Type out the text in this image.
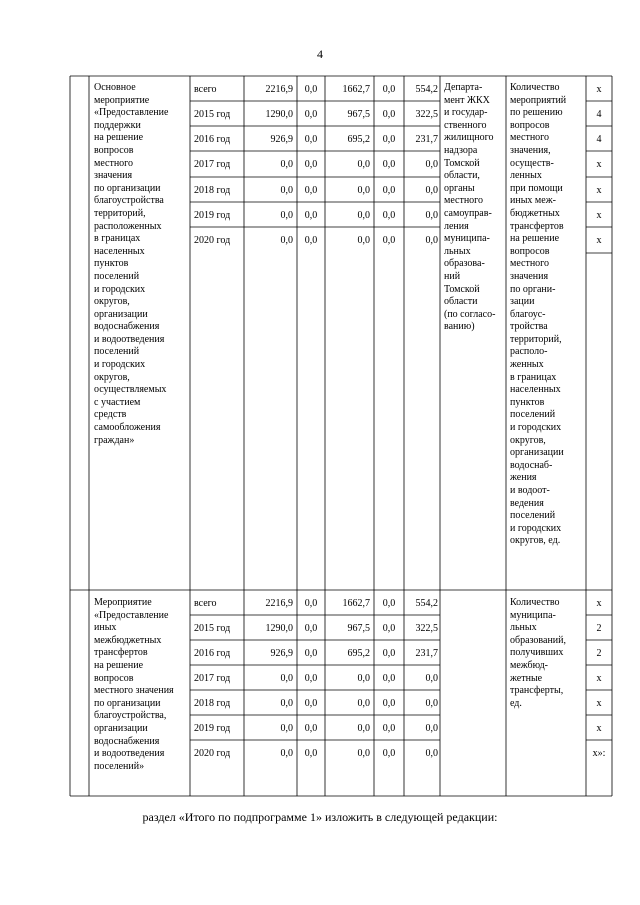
4
Основное
мероприятие
«Предоставление
поддержки
на решение
вопросов
местного
значения
по организации
благоустройства
территорий,
расположенных
в границах
населенных
пунктов
поселений
и городских
округов,
организации
водоснабжения
и водоотведения
поселений
и городских
округов,
осуществляемых
с участием
средств
самообложения
граждан»
Департа-
мент ЖКХ
и государ-
ственного
жилищного
надзора
Томской
области,
органы
местного
самоуправ-
ления
муниципа-
льных
образова-
ний
Томской
области
(по согласо-
ванию)
Количество
мероприятий
по решению
вопросов
местного
значения,
осуществ-
ленных
при помощи
иных меж-
бюджетных
трансфертов
на решение
вопросов
местного
значения
по органи-
зации
благоус-
тройства
территорий,
располо-
женных
в границах
населенных
пунктов
поселений
и городских
округов,
организации
водоснаб-
жения
и водоот-
ведения
поселений
и городских
округов, ед.
всего	2216,9	0,0	1662,7	0,0	554,2	x
2015 год	1290,0	0,0	967,5	0,0	322,5	4
2016 год	926,9	0,0	695,2	0,0	231,7	4
2017 год	0,0	0,0	0,0	0,0	0,0	x
2018 год	0,0	0,0	0,0	0,0	0,0	x
2019 год	0,0	0,0	0,0	0,0	0,0	x
2020 год	0,0	0,0	0,0	0,0	0,0	x
Мероприятие
«Предоставление
иных
межбюджетных
трансфертов
на решение
вопросов
местного значения
по организации
благоустройства,
организации
водоснабжения
и водоотведения
поселений»
Количество
муниципа-
льных
образований,
получивших
межбюд-
жетные
трансферты,
ед.
всего	2216,9	0,0	1662,7	0,0	554,2	x
2015 год	1290,0	0,0	967,5	0,0	322,5	2
2016 год	926,9	0,0	695,2	0,0	231,7	2
2017 год	0,0	0,0	0,0	0,0	0,0	x
2018 год	0,0	0,0	0,0	0,0	0,0	x
2019 год	0,0	0,0	0,0	0,0	0,0	x
2020 год	0,0	0,0	0,0	0,0	0,0	x»:
раздел «Итого по подпрограмме 1» изложить в следующей редакции:
